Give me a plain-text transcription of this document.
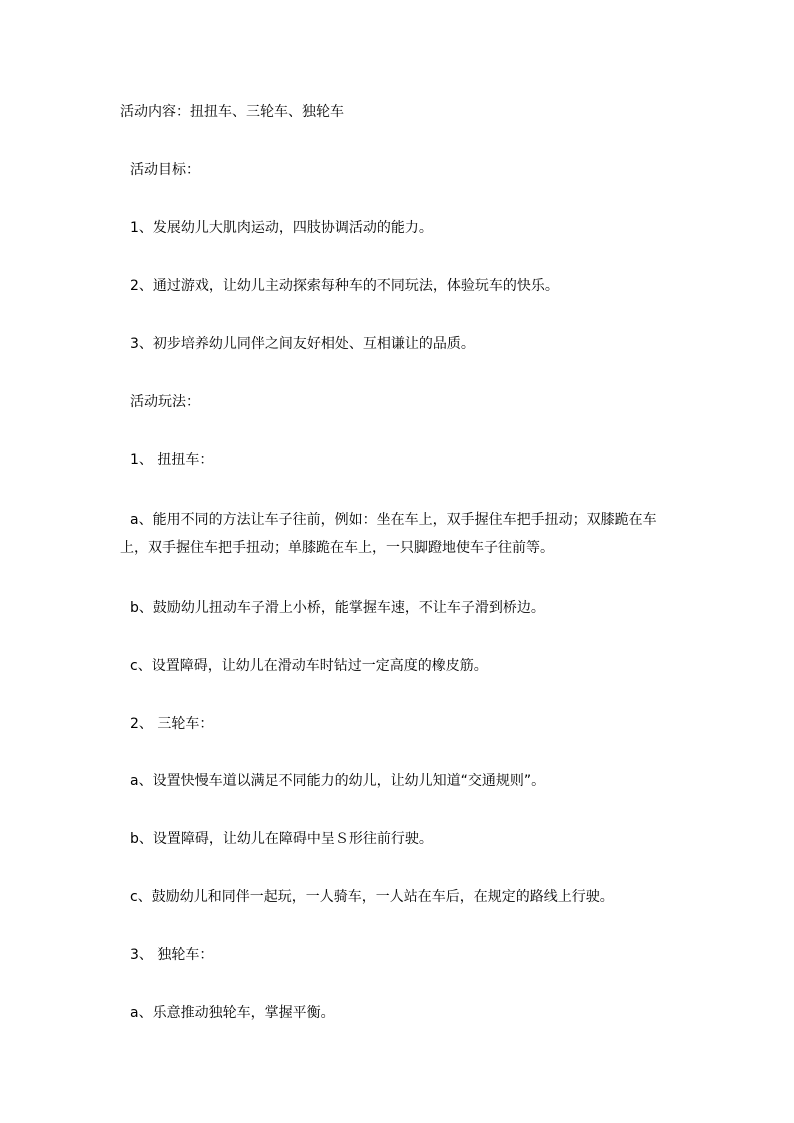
活动内容：扭扭车、三轮车、独轮车
活动目标：
1、发展幼儿大肌肉运动，四肢协调活动的能力。
2、通过游戏，让幼儿主动探索每种车的不同玩法，体验玩车的快乐。
3、初步培养幼儿同伴之间友好相处、互相谦让的品质。
活动玩法：
1、 扭扭车：
a、能用不同的方法让车子往前，例如：坐在车上，双手握住车把手扭动；双膝跪在车上，双手握住车把手扭动；单膝跪在车上，一只脚蹬地使车子往前等。
b、鼓励幼儿扭动车子滑上小桥，能掌握车速，不让车子滑到桥边。
c、设置障碍，让幼儿在滑动车时钻过一定高度的橡皮筋。
2、 三轮车：
a、设置快慢车道以满足不同能力的幼儿，让幼儿知道“交通规则”。
b、设置障碍，让幼儿在障碍中呈Ｓ形往前行驶。
c、鼓励幼儿和同伴一起玩，一人骑车，一人站在车后，在规定的路线上行驶。
3、 独轮车：
a、乐意推动独轮车，掌握平衡。
